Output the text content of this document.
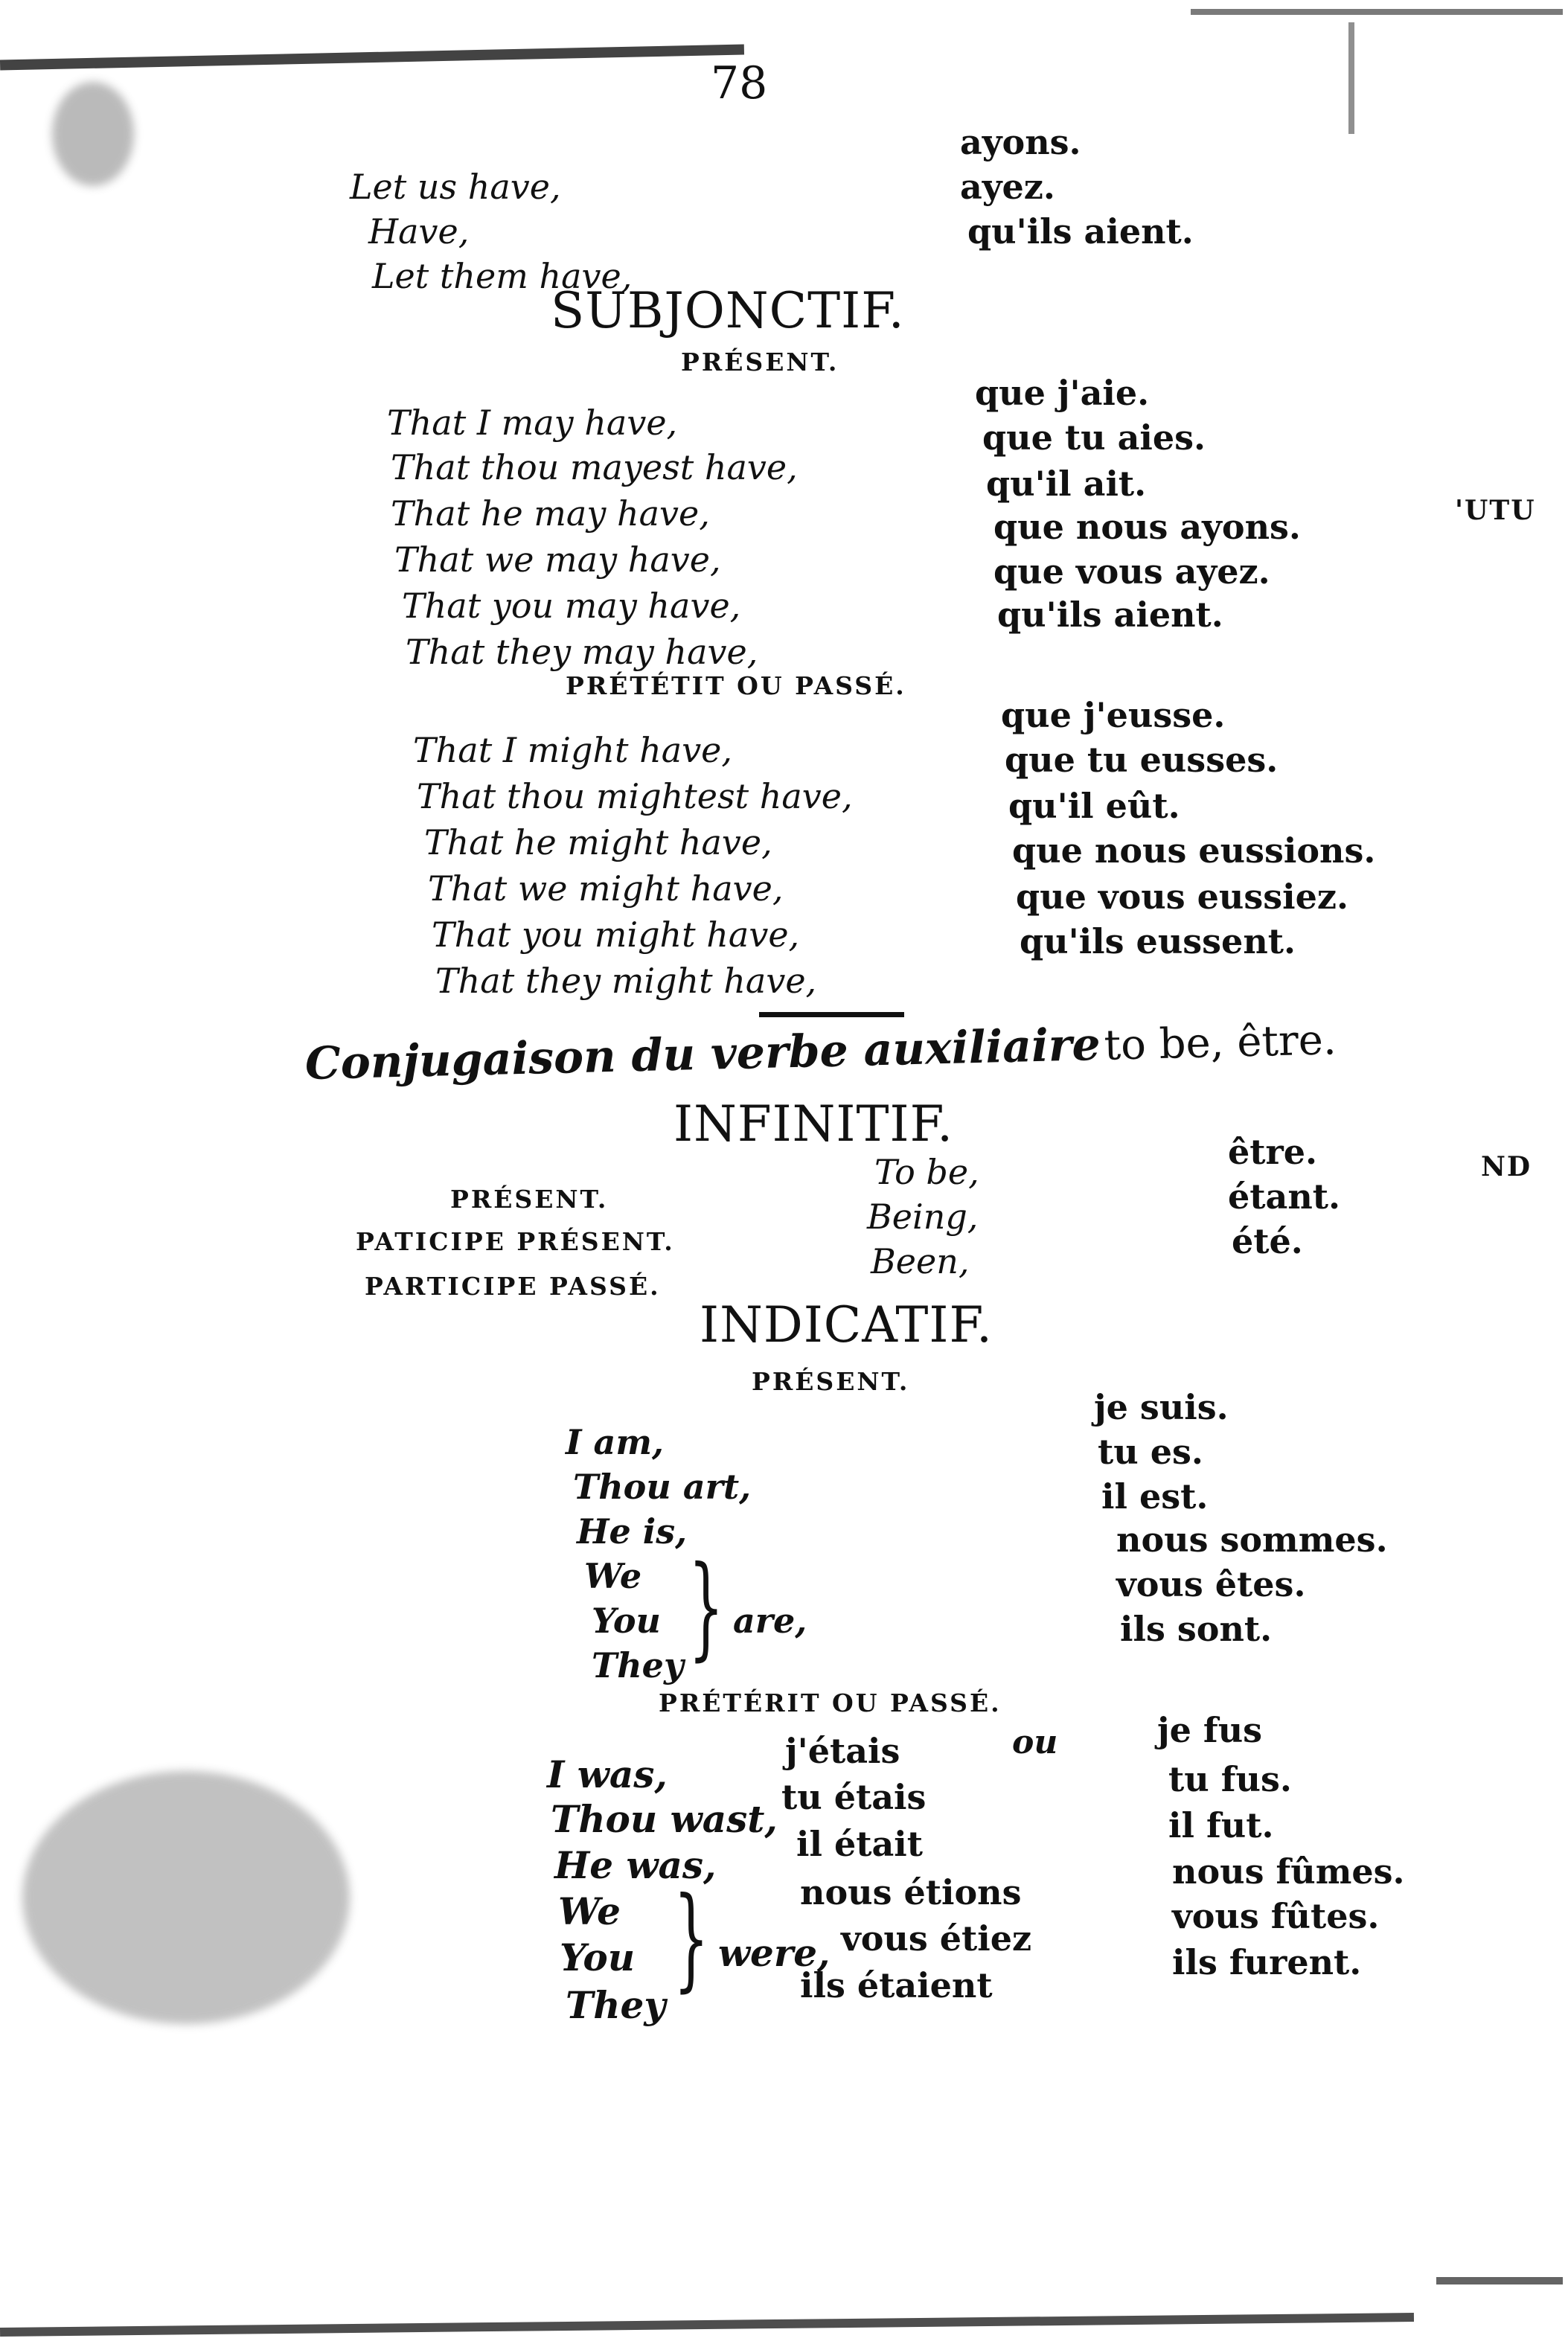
78
Let us have,
Have,
Let them have,
ayons.
ayez.
qu'ils aient.
SUBJONCTIF.
PRÉSENT.
That I may have,
That thou mayest have,
That he may have,
That we may have,
That you may have,
That they may have,
que j'aie.
que tu aies.
qu'il ait.
que nous ayons.
que vous ayez.
qu'ils aient.
PRÉTÉTIT OU PASSÉ.
That I might have,
That thou mightest have,
That he might have,
That we might have,
That you might have,
That they might have,
que j'eusse.
que tu eusses.
qu'il eût.
que nous eussions.
que vous eussiez.
qu'ils eussent.
Conjugaison du verbe auxiliaire to be, être.
INFINITIF.
PRÉSENT.
PATICIPE PRÉSENT.
PARTICIPE PASSÉ.
To be,
Being,
Been,
être.
étant.
été.
INDICATIF.
PRÉSENT.
I am,
Thou art,
He is,
We
You
They } are,
je suis.
tu es.
il est.
nous sommes.
vous êtes.
ils sont.
PRÉTÉRIT OU PASSÉ.
I was,
Thou wast,
He was,
We
You
They
} were,
j'étais
tu étais
il était
nous étions
vous étiez
ils étaient
ou	je fus
tu fus.
il fut.
nous fûmes.
vous fûtes.
ils furent.
'UTU
ND
